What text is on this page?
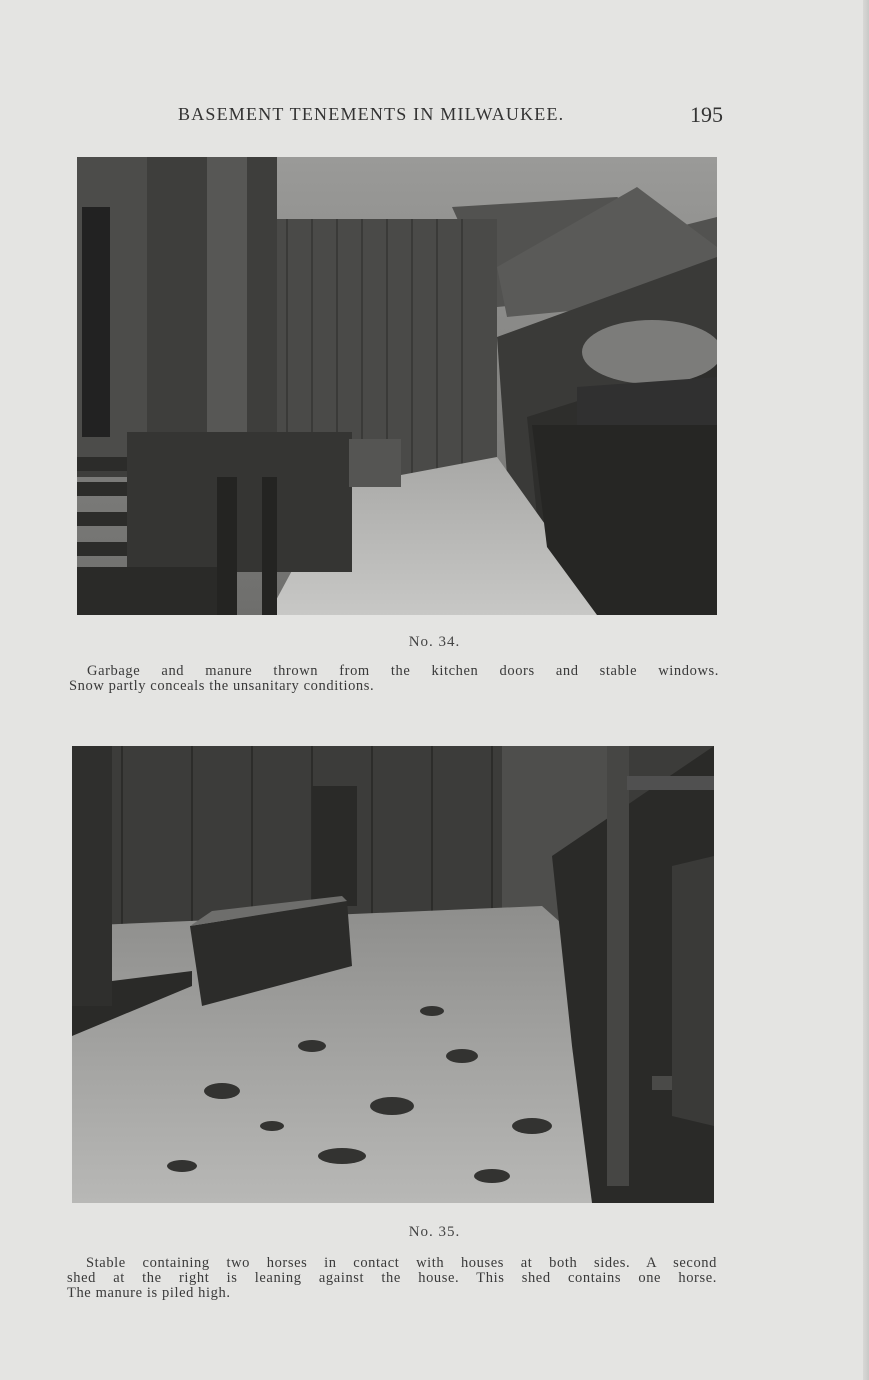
BASEMENT TENEMENTS IN MILWAUKEE.	195
No. 34.
Garbage and manure thrown from the kitchen doors and stable windows.
Snow partly conceals the unsanitary conditions.
No. 35.
Stable containing two horses in contact with houses at both sides. A second
shed at the right is leaning against the house. This shed contains one horse.
The manure is piled high.
